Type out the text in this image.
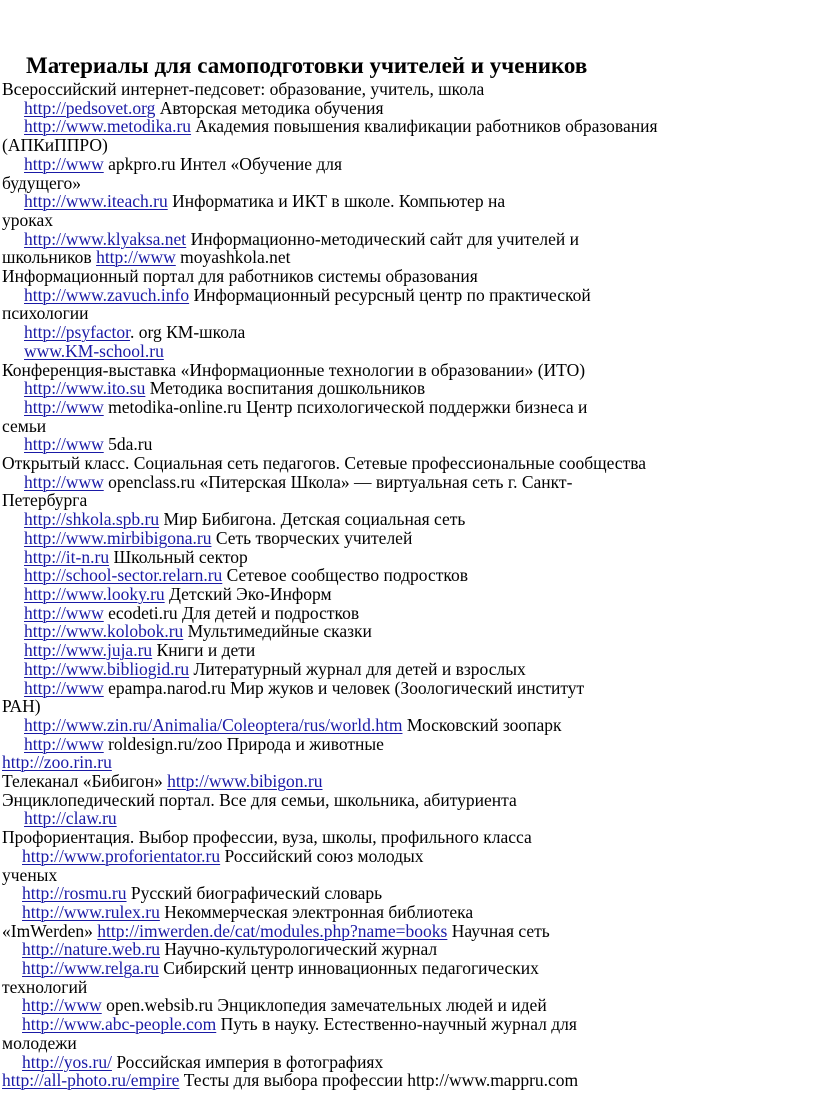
Материалы для самоподготовки учителей и учеников
Всероссийский интернет-педсовет: образование, учитель, школа
http://pedsovet.org Авторская методика обучения
http://www.metodika.ru Академия повышения квалификации работников образования
(АПКиППРО)
http://www apkpro.ru Интел «Обучение для
будущего»
http://www.iteach.ru Информатика и ИКТ в школе. Компьютер на
уроках
http://www.klyaksa.net Информационно-методический сайт для учителей и
школьников http://www moyashkola.net
Информационный портал для работников системы образования
http://www.zavuch.info Информационный ресурсный центр по практической
психологии
http://psyfactor. org КМ-школа
www.KM-school.ru
Конференция-выставка «Информационные технологии в образовании» (ИТО)
http://www.ito.su Методика воспитания дошкольников
http://www metodika-online.ru Центр психологической поддержки бизнеса и
семьи
http://www 5da.ru
Открытый класс. Социальная сеть педагогов. Сетевые профессиональные сообщества
http://www openclass.ru «Питерская Школа» — виртуальная сеть г. Санкт-
Петербурга
http://shkola.spb.ru Мир Бибигона. Детская социальная сеть
http://www.mirbibigona.ru Сеть творческих учителей
http://it-n.ru Школьный сектор
http://school-sector.relarn.ru Сетевое сообщество подростков
http://www.looky.ru Детский Эко-Информ
http://www ecodeti.ru Для детей и подростков
http://www.kolobok.ru Мультимедийные сказки
http://www.juja.ru Книги и дети
http://www.bibliogid.ru Литературный журнал для детей и взрослых
http://www epampa.narod.ru Мир жуков и человек (Зоологический институт
РАН)
http://www.zin.ru/Animalia/Coleoptera/rus/world.htm Московский зоопарк
http://www roldesign.ru/zoo Природа и животные
http://zoo.rin.ru
Телеканал «Бибигон» http://www.bibigon.ru
Энциклопедический портал. Все для семьи, школьника, абитуриента
http://claw.ru
Профориентация. Выбор профессии, вуза, школы, профильного класса
http://www.proforientator.ru Российский союз молодых
ученых
http://rosmu.ru Русский биографический словарь
http://www.rulex.ru Некоммерческая электронная библиотека
«ImWerden» http://imwerden.de/cat/modules.php?name=books Научная сеть
http://nature.web.ru Научно-культурологический журнал
http://www.relga.ru Сибирский центр инновационных педагогических
технологий
http://www open.websib.ru Энциклопедия замечательных людей и идей
http://www.abc-people.com Путь в науку. Естественно-научный журнал для
молодежи
http://yos.ru/ Российская империя в фотографиях
http://all-photo.ru/empire Тесты для выбора профессии http://www.mappru.com
